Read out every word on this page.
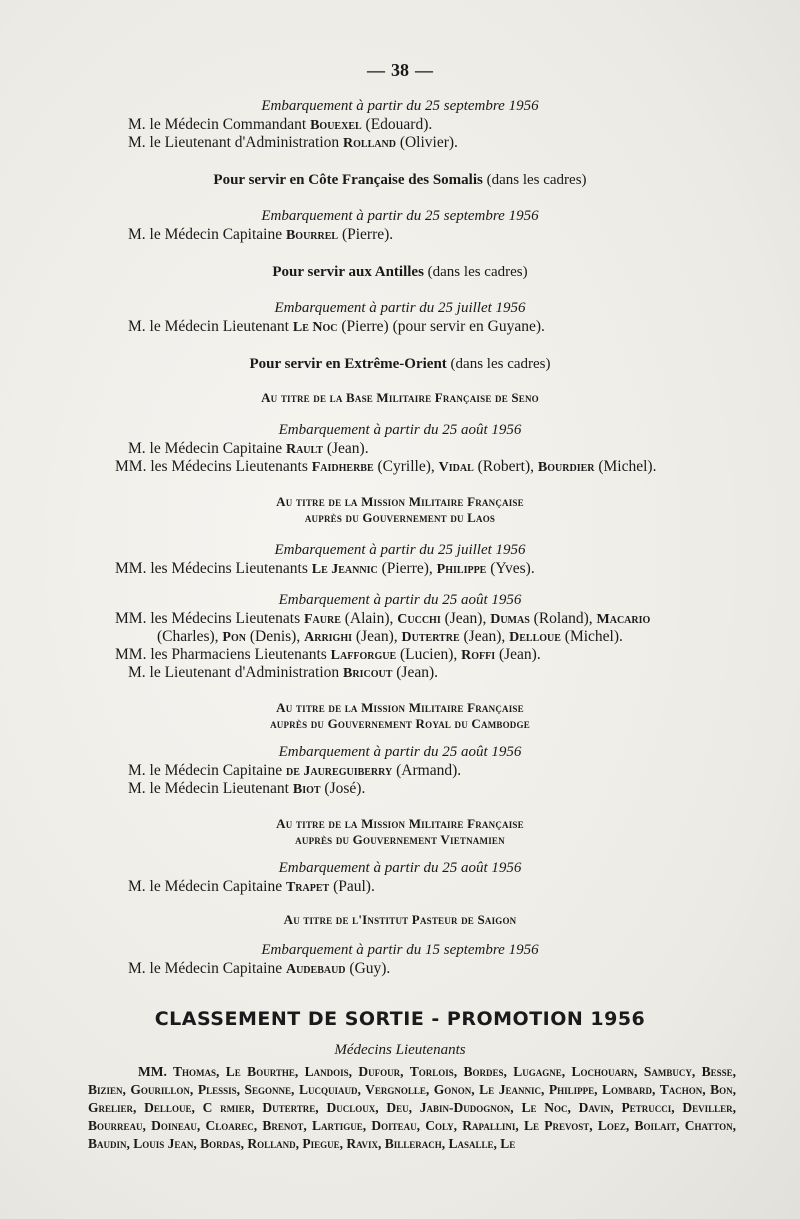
— 38 —

Embarquement à partir du 25 septembre 1956

M. le Médecin Commandant Bouexel (Edouard).

M. le Lieutenant d'Administration Rolland (Olivier).

Pour servir en Côte Française des Somalis (dans les cadres)

Embarquement à partir du 25 septembre 1956

M. le Médecin Capitaine Bourrel (Pierre).

Pour servir aux Antilles (dans les cadres)

Embarquement à partir du 25 juillet 1956

M. le Médecin Lieutenant Le Noc (Pierre) (pour servir en Guyane).

Pour servir en Extrême-Orient (dans les cadres)

Au titre de la Base Militaire Française de Seno

Embarquement à partir du 25 août 1956

M. le Médecin Capitaine Rault (Jean).

MM. les Médecins Lieutenants Faidherbe (Cyrille), Vidal (Robert), Bourdier (Michel).

Au titre de la Mission Militaire Française

auprès du Gouvernement du Laos

Embarquement à partir du 25 juillet 1956

MM. les Médecins Lieutenants Le Jeannic (Pierre), Philippe (Yves).

Embarquement à partir du 25 août 1956

MM. les Médecins Lieutenats Faure (Alain), Cucchi (Jean), Dumas (Roland), Macario

(Charles), Pon (Denis), Arrighi (Jean), Dutertre (Jean), Delloue (Michel).

MM. les Pharmaciens Lieutenants Lafforgue (Lucien), Roffi (Jean).

M. le Lieutenant d'Administration Bricout (Jean).

Au titre de la Mission Militaire Française

auprès du Gouvernement Royal du Cambodge

Embarquement à partir du 25 août 1956

M. le Médecin Capitaine de Jaureguiberry (Armand).

M. le Médecin Lieutenant Biot (José).

Au titre de la Mission Militaire Française

auprès du Gouvernement Vietnamien

Embarquement à partir du 25 août 1956

M. le Médecin Capitaine Trapet (Paul).

Au titre de l'Institut Pasteur de Saigon

Embarquement à partir du 15 septembre 1956

M. le Médecin Capitaine Audebaud (Guy).

CLASSEMENT DE SORTIE - PROMOTION 1956

Médecins Lieutenants

MM. Thomas, Le Bourthe, Landois, Dufour, Torlois, Bordes, Lugagne, Lochouarn, Sambucy, Besse, Bizien, Gourillon, Plessis, Segonne, Lucquiaud, Vergnolle, Gonon, Le Jeannic, Philippe, Lombard, Tachon, Bon, Grelier, Delloue, C rmier, Dutertre, Ducloux, Deu, Jabin-Dudognon, Le Noc, Davin, Petrucci, Deviller, Bourreau, Doineau, Cloarec, Brenot, Lartigue, Doiteau, Coly, Rapallini, Le Prevost, Loez, Boilait, Chatton, Baudin, Louis Jean, Bordas, Rolland, Piegue, Ravix, Billerach, Lasalle, Le
